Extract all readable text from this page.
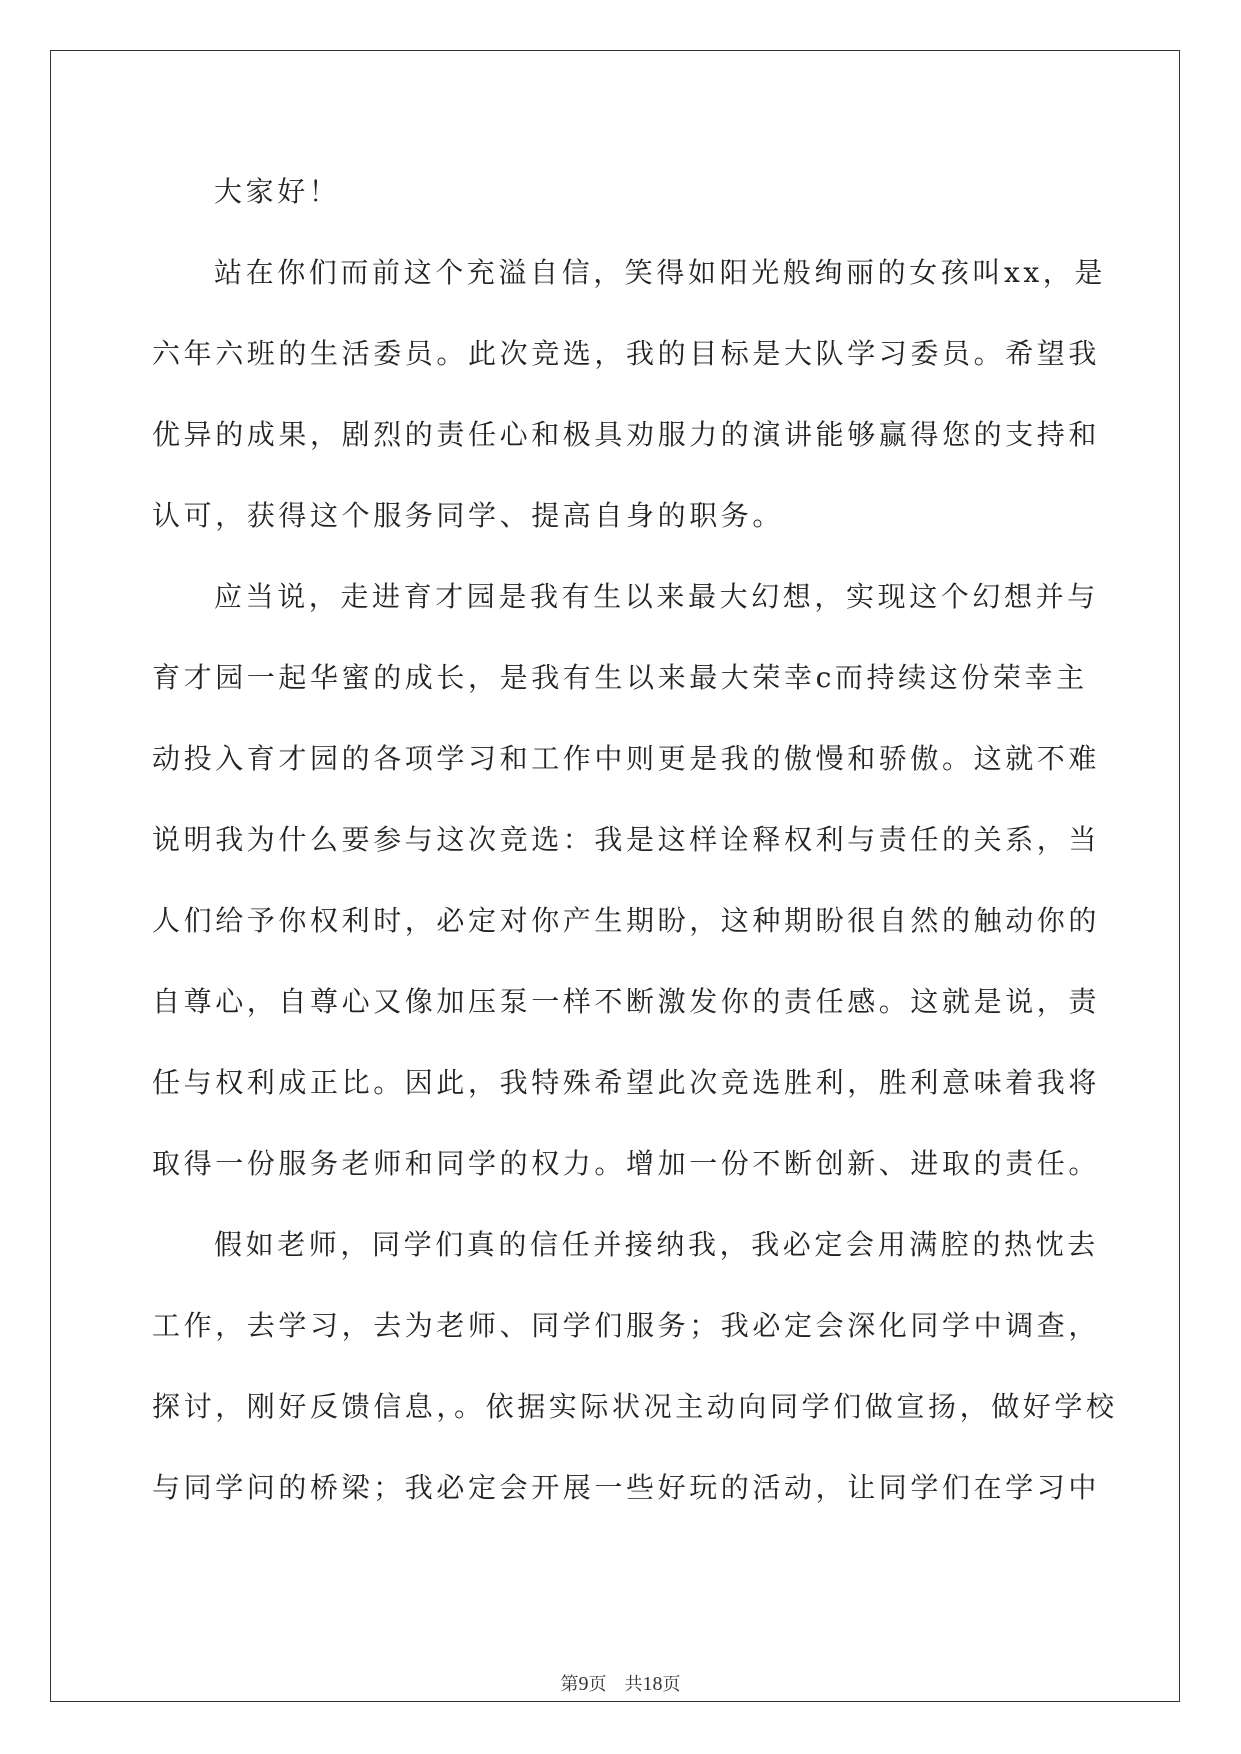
大家好！
站在你们而前这个充溢自信，笑得如阳光般绚丽的女孩叫xx，是
六年六班的生活委员。此次竞选，我的目标是大队学习委员。希望我
优异的成果，剧烈的责任心和极具劝服力的演讲能够赢得您的支持和
认可，获得这个服务同学、提高自身的职务。
应当说，走进育才园是我有生以来最大幻想，实现这个幻想并与
育才园一起华蜜的成长，是我有生以来最大荣幸c而持续这份荣幸主
动投入育才园的各项学习和工作中则更是我的傲慢和骄傲。这就不难
说明我为什么要参与这次竞选：我是这样诠释权利与责任的关系，当
人们给予你权利时，必定对你产生期盼，这种期盼很自然的触动你的
自尊心，自尊心又像加压泵一样不断激发你的责任感。这就是说，责
任与权利成正比。因此，我特殊希望此次竞选胜利，胜利意味着我将
取得一份服务老师和同学的权力。增加一份不断创新、进取的责任。
假如老师，同学们真的信任并接纳我，我必定会用满腔的热忱去
工作，去学习，去为老师、同学们服务；我必定会深化同学中调查，
探讨，刚好反馈信息，。依据实际状况主动向同学们做宣扬，做好学校
与同学问的桥梁；我必定会开展一些好玩的活动，让同学们在学习中
第9页 共18页
